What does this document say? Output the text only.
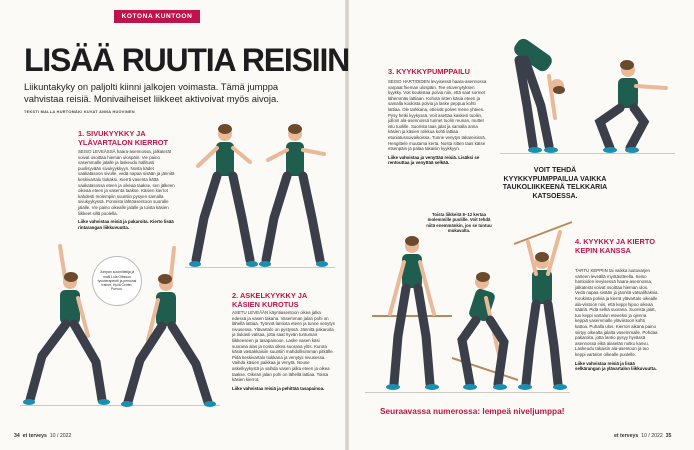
KOTONA KUNTOON
LISÄÄ RUUTIA REISIIN
Liikuntakyky on paljolti kiinni jalkojen voimasta. Tämä jumppa vahvistaa reisiä. Monivaiheiset liikkeet aktivoivat myös aivoja.
TEKSTI MALLA HURTOMÄKI KUVAT ANNA HUOVINEN
1. SIVUKYYKKY JA YLÄVARTALON KIERROT
SEISO LEVEÄSSÄ haara-asennossa, jalkaterät voivat osoittaa hieman ulospäin. Vie paino vasemmalle jalalle ja laskeudu hallitusti puolisyvään sivukyykkyyn. Nosta kädet vaakatasoon sivulle, vedä napaa sisään ja jännitä keskivartalo tiukaksi. Kierrä vasenta kättä vaakatasossa eteen ja oikeaa taakse, sen jälkeen oikeaa eteen ja vasenta taakse. Käsien kierrot kahdesti molempiin suuntiin pysyen samalla sivukyykyssä. Ponnista lähtöasentoon suoralle jalalle. Vie paino oikealle jalalle ja toista käsien liikkeet sillä puolella.
Liike vahvistaa reisiä ja pakaroita. Kierto lisää rintarangan liikkuvuutta.
2. ASKELKYYKKY JA KÄSIEN KUROTUS
ASETU LEVEÄÄN käyntiasentoon oikea jalka edessä ja vasen takana. Vasemman jalan pohi on lähellä lattiaa. Työnnä lantiota eteen ja tunne venytys nivusessa. Ylävartalo on pystyssä. Jännitä pakaroita ja tiukasti vatsaa, jotta saat hyvän tuntuman liikkeeseen ja tasapainoon. Laske vasen käsi suorana alas ja nosta oikea suorana ylös. Kurota käsiä vastakkaisiin suuntiin mahdollisimman pitkälle. Pidä keskivartalo tiukkana ja venytys nivusessa. Vaihda käsien paikkaa ja venytä. Nouse askelkyykystä ja vaihda vasen jalka eteen ja oikea taakse. Oikean jalan pohi on lähellä lattiaa. Toista käsien kierrot.
Liike vahvistaa reisiä ja pehittää tasapainoa.
3. KYYKKYPUMPPAILU
SEISO HARTIOIDEN levyisessä haara-asennossa varpaat hieman ulospäin. Tee etuvenytyksen kyykky. Voit koukistaa polvia niin, että saat sormet lähemmäs lattiaan. Kohota sitten käsia eteen ja samalla koukista polvia ja laske peppua kohti lattiaa. Ole tarkkana, etteivät polvet mene yhteen. Pysy hetki kyykyssä. Voit asettaa kaskesi tuoliin, jolloin ala-asennossa tunnet tuolin reunan, muttet istu tuolille. Suorista taas jalat ja samalla anna käsien ja käsien roikkua kohti lattiaa etuniatussuivaikoissa. Tunne venytys takareisissä. Hengittele muutama kerta. Nosta sitten taas kätse etsenpäin ja palaa takaisin kyykkyyn.
Liike vahvistaa ja venyttää reisiä. Lisäksi se rentouttaa ja venyttää selkää.
4. KYYKKY JA KIERTO KEPIN KANSSA
TARTU KEPPIIN tai vaikka luutuvarjen varteen leveällä myötäotteella. Seiso hartioiden levyisessä haara-asennossa, jalkaterät voivat osoittaa hieman ulos. Vedä napaa sisään ja jännitä vatsalihaksia. Koukista polvia ja kierrä ylävartalo oikealle ala-viistoon niin, että keppi hipoo oikeaa sääriä. Pidä selkä suorana. Suorista jalat, tuo keppi vartalon eteeeksi ja ojenna keppiä vasemmalle yläviistoon kohti kattoa. Puhalla ulos. Kierron aikana paino siirtyy oikealta jalalta vasemmalle. Pohdaa pakaroita, jotta lantio pysyy hyvässä asennossa eikä alaselän notko kasvu. Laskeudu takaisin ala-asentoon ja tuo keppi vartalon oikealle puolelle.
Liike vahvistaa reisiä ja lisää selkärangan ja ylävartalon liikkuvuutta.
Jumpan suunnittelija ja malli Lola Olbsson fysioterapeutti ja personal trainer, Hyvä Center, Porvoo.
VOIT TEHDÄ KYYKKYPUMPPAILUA VAIKKA TAUKOLIIKKEENÄ TELKKARIA KATSOESSA.
Toista liikkeitä 8–12 kertaa molemmille puolille. Voit tehdä niitä enemmänkin, jos se tuntuu mukavalta.
Seuraavassa numerossa: lempeä niveljumppa!
34 et terveys 10 / 2022	et terveys 10 / 2022 35
